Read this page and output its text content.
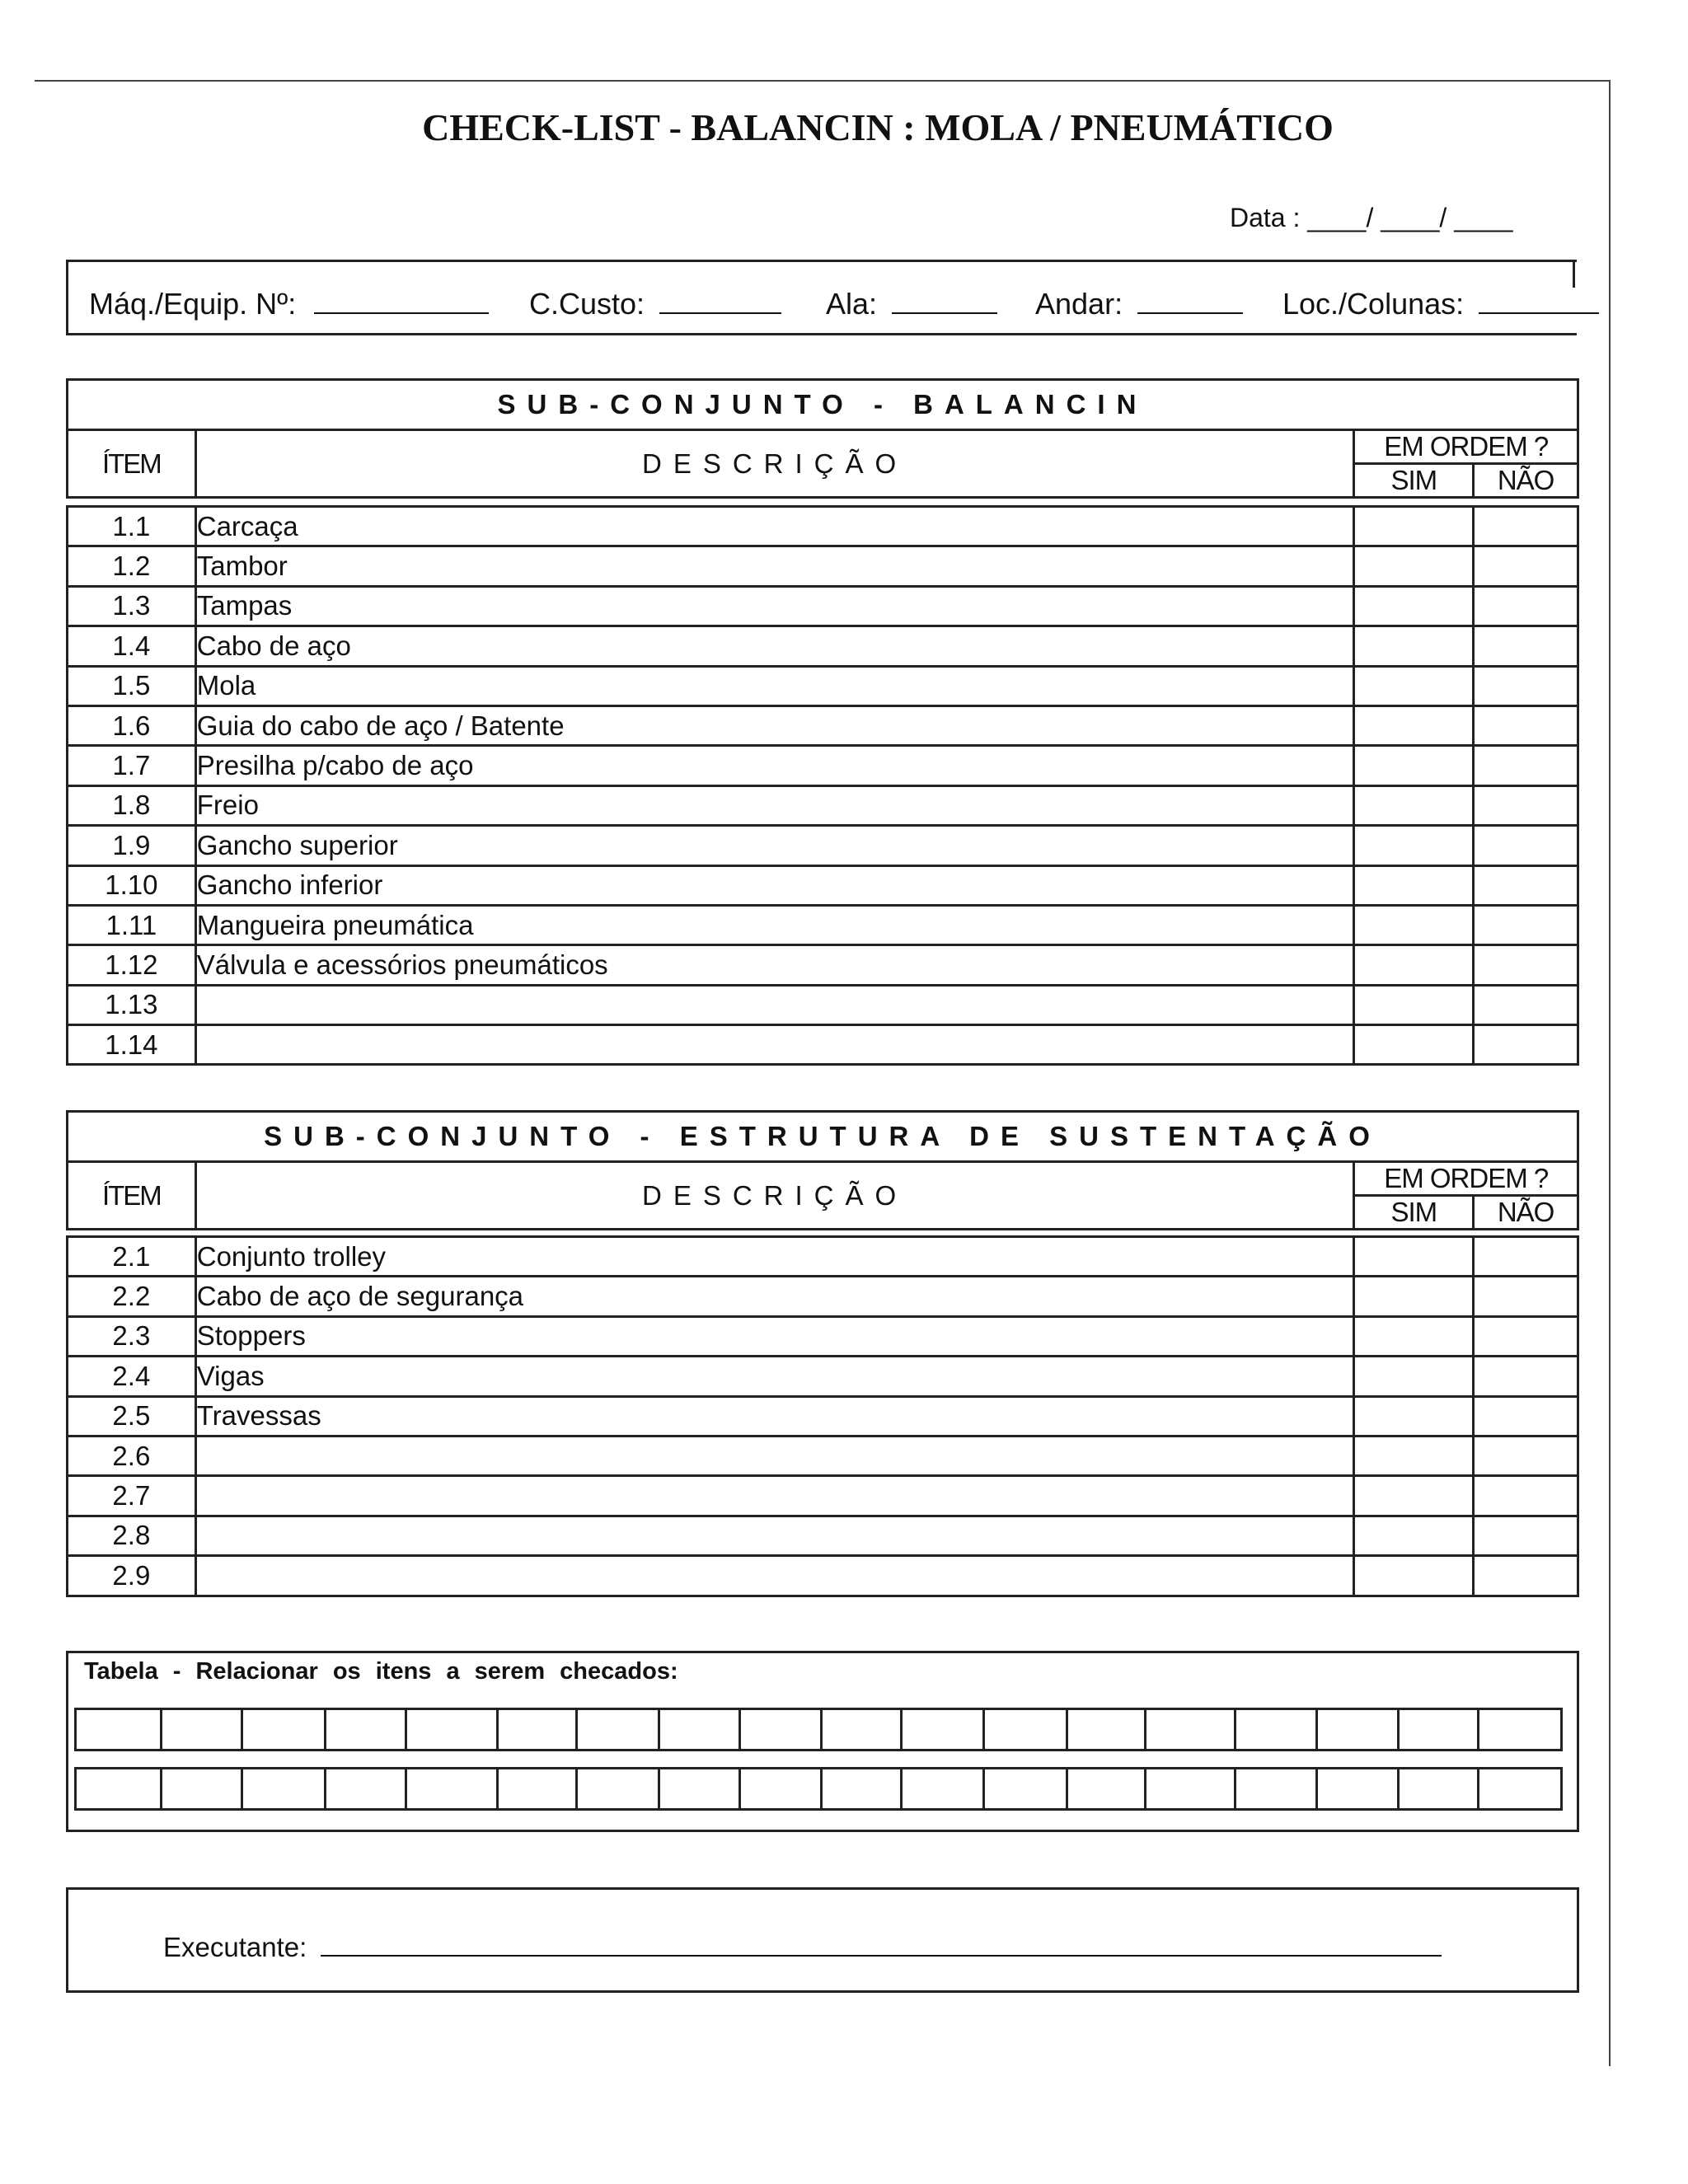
CHECK-LIST - BALANCIN : MOLA / PNEUMÁTICO
Data : ____/ ____/ ____
Máq./Equip. Nº:	C.Custo:	Ala:	Andar:	Loc./Colunas:
SUB-CONJUNTO - BALANCIN			
ÍTEM	DESCRIÇÃO	EM ORDEM ?	
		SIM	NÃO
1.1	Carcaça		
1.2	Tambor		
1.3	Tampas		
1.4	Cabo de aço		
1.5	Mola		
1.6	Guia do cabo de aço / Batente		
1.7	Presilha p/cabo de aço		
1.8	Freio		
1.9	Gancho superior		
1.10	Gancho inferior		
1.11	Mangueira pneumática		
1.12	Válvula e acessórios pneumáticos		
1.13			
1.14			
SUB-CONJUNTO - ESTRUTURA DE SUSTENTAÇÃO			
ÍTEM	DESCRIÇÃO	EM ORDEM ?	
		SIM	NÃO
2.1	Conjunto trolley		
2.2	Cabo de aço de segurança		
2.3	Stoppers		
2.4	Vigas		
2.5	Travessas		
2.6			
2.7			
2.8			
2.9			
Tabela - Relacionar os itens a serem checados:

Executante:
